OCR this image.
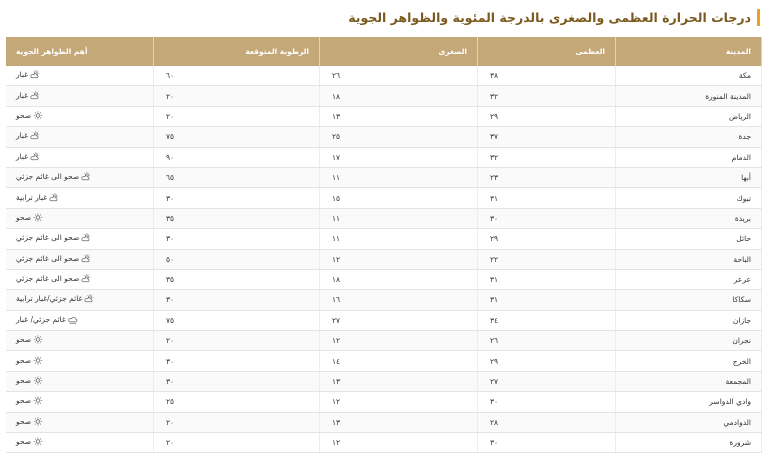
درجات الحرارة العظمى والصغرى بالدرجة المئوية والظواهر الجوية
المدينة	العظمى	الصغرى	الرطوبة المتوقعة	أهم الظواهر الجوية
مكة	٣٨	٢٦	٦٠	غبار

المدينة المنورة	٣٢	١٨	٢٠	غبار

الرياض	٢٩	١٣	٢٠	صحو

جدة	٣٧	٢٥	٧٥	غبار

الدمام	٣٢	١٧	٩٠	غبار

أبها	٢٣	١١	٦٥	صحو الى غائم جزئي

تبوك	٣١	١٥	٣٠	غبار ترابية

بريدة	٣٠	١١	٣٥	صحو

حائل	٢٩	١١	٣٠	صحو الى غائم جزئي

الباحة	٢٢	١٢	٥٠	صحو الى غائم جزئي

عرعر	٣١	١٨	٣٥	صحو الى غائم جزئي

سكاكا	٣١	١٦	٣٠	غائم جزئي/غبار ترابية

جازان	٣٤	٢٧	٧٥	غائم جزئي/ غبار

نجران	٢٦	١٢	٢٠	صحو

الخرج	٢٩	١٤	٣٠	صحو

المجمعة	٢٧	١٣	٣٠	صحو

وادي الدواسر	٣٠	١٢	٢٥	صحو

الدوادمي	٢٨	١٣	٢٠	صحو

شرورة	٣٠	١٢	٢٠	صحو
